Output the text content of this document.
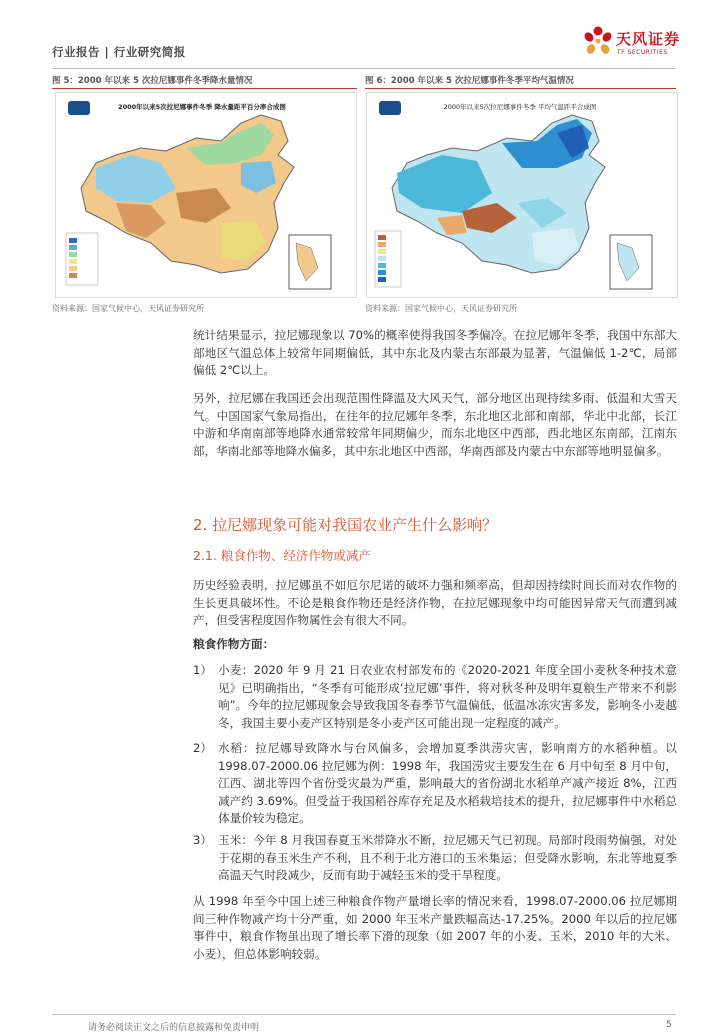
行业报告 | 行业研究简报
天风证券
TF SECURITIES
图 5：2000 年以来 5 次拉尼娜事件冬季降水量情况
2000年以来5次拉尼娜事件冬季 降水量距平百分率合成图
资料来源：国家气候中心，天风证券研究所
图 6：2000 年以来 5 次拉尼娜事件冬季平均气温情况
2000年以来5次拉尼娜事件冬季 平均气温距平合成图
资料来源：国家气候中心，天风证券研究所
统计结果显示，拉尼娜现象以 70%的概率使得我国冬季偏冷。在拉尼娜年冬季，我国中东部大部地区气温总体上较常年同期偏低，其中东北及内蒙古东部最为显著，气温偏低 1-2℃，局部偏低 2℃以上。
另外，拉尼娜在我国还会出现范围性降温及大风天气，部分地区出现持续多雨、低温和大雪天气。中国国家气象局指出，在往年的拉尼娜年冬季，东北地区北部和南部，华北中北部，长江中游和华南南部等地降水通常较常年同期偏少，而东北地区中西部，西北地区东南部，江南东部，华南北部等地降水偏多，其中东北地区中西部，华南西部及内蒙古中东部等地明显偏多。
2. 拉尼娜现象可能对我国农业产生什么影响？
2.1. 粮食作物、经济作物或减产
历史经验表明，拉尼娜虽不如厄尔尼诺的破坏力强和频率高，但却因持续时间长而对农作物的生长更具破坏性。不论是粮食作物还是经济作物，在拉尼娜现象中均可能因异常天气而遭到减产，但受害程度因作物属性会有很大不同。
粮食作物方面：
1） 小麦：2020 年 9 月 21 日农业农村部发布的《2020-2021 年度全国小麦秋冬种技术意见》已明确指出，“冬季有可能形成‘拉尼娜’事件，将对秋冬种及明年夏粮生产带来不利影响”。今年的拉尼娜现象会导致我国冬春季节气温偏低，低温冰冻灾害多发，影响冬小麦越冬，我国主要小麦产区特别是冬小麦产区可能出现一定程度的减产。
2） 水稻：拉尼娜导致降水与台风偏多，会增加夏季洪涝灾害，影响南方的水稻种植。以1998.07-2000.06 拉尼娜为例：1998 年，我国涝灾主要发生在 6 月中旬至 8 月中旬，江西、湖北等四个省份受灾最为严重，影响最大的省份湖北水稻单产减产接近 8%，江西减产约 3.69%。但受益于我国稻谷库存充足及水稻栽培技术的提升，拉尼娜事件中水稻总体量价较为稳定。
3） 玉米：今年 8 月我国春夏玉米带降水不断，拉尼娜天气已初现。局部时段雨势偏强，对处于花期的春玉米生产不利，且不利于北方港口的玉米集运；但受降水影响，东北等地夏季高温天气时段减少，反而有助于减轻玉米的受干旱程度。
从 1998 年至今中国上述三种粮食作物产量增长率的情况来看，1998.07-2000.06 拉尼娜期间三种作物减产均十分严重，如 2000 年玉米产量跌幅高达-17.25%。2000 年以后的拉尼娜事件中，粮食作物虽出现了增长率下滑的现象（如 2007 年的小麦、玉米，2010 年的大米、小麦），但总体影响较弱。
请务必阅读正文之后的信息披露和免责申明	5
